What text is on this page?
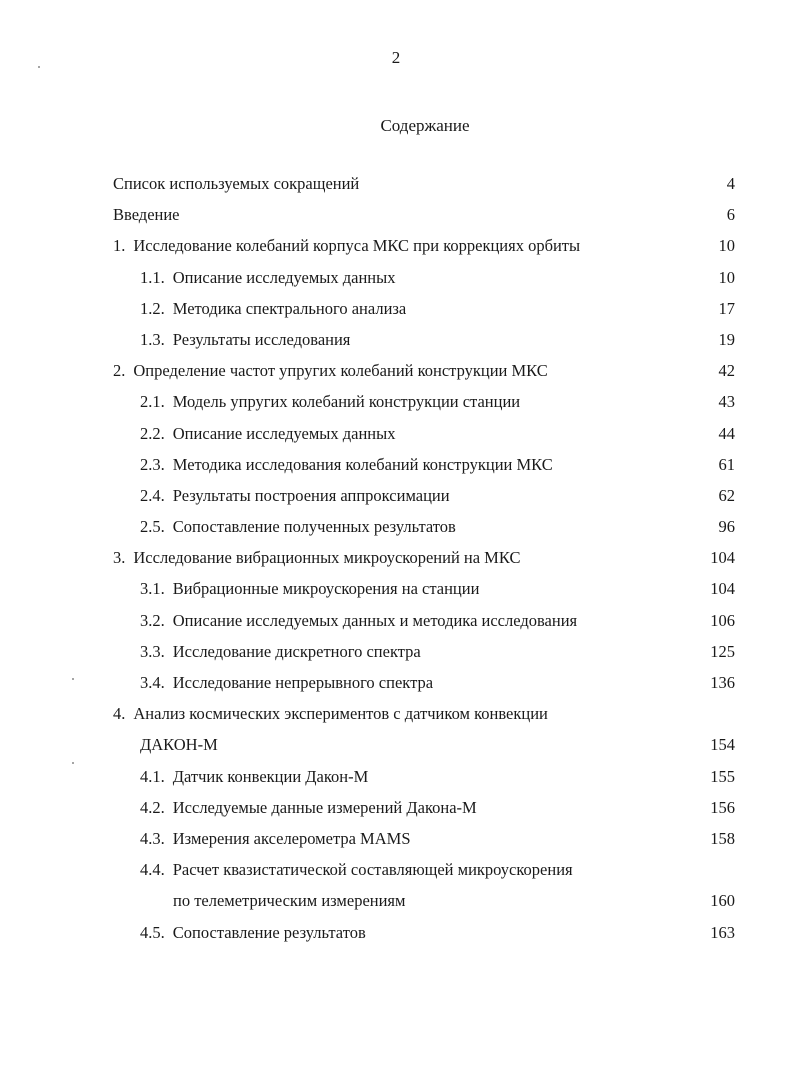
2
Содержание
Список используемых сокращений	4
Введение	6
1. Исследование колебаний корпуса МКС при коррекциях орбиты	10
1.1. Описание исследуемых данных	10
1.2. Методика спектрального анализа	17
1.3. Результаты исследования	19
2. Определение частот упругих колебаний конструкции МКС	42
2.1. Модель упругих колебаний конструкции станции	43
2.2. Описание исследуемых данных	44
2.3. Методика исследования колебаний конструкции МКС	61
2.4. Результаты построения аппроксимации	62
2.5. Сопоставление полученных результатов	96
3. Исследование вибрационных микроускорений на МКС	104
3.1. Вибрационные микроускорения на станции	104
3.2. Описание исследуемых данных и методика исследования	106
3.3. Исследование дискретного спектра	125
3.4. Исследование непрерывного спектра	136
4. Анализ космических экспериментов с датчиком конвекции
ДАКОН-М	154
4.1. Датчик конвекции Дакон-М	155
4.2. Исследуемые данные измерений Дакона-М	156
4.3. Измерения акселерометра MAMS	158
4.4. Расчет квазистатической составляющей микроускорения
по телеметрическим измерениям	160
4.5. Сопоставление результатов	163
